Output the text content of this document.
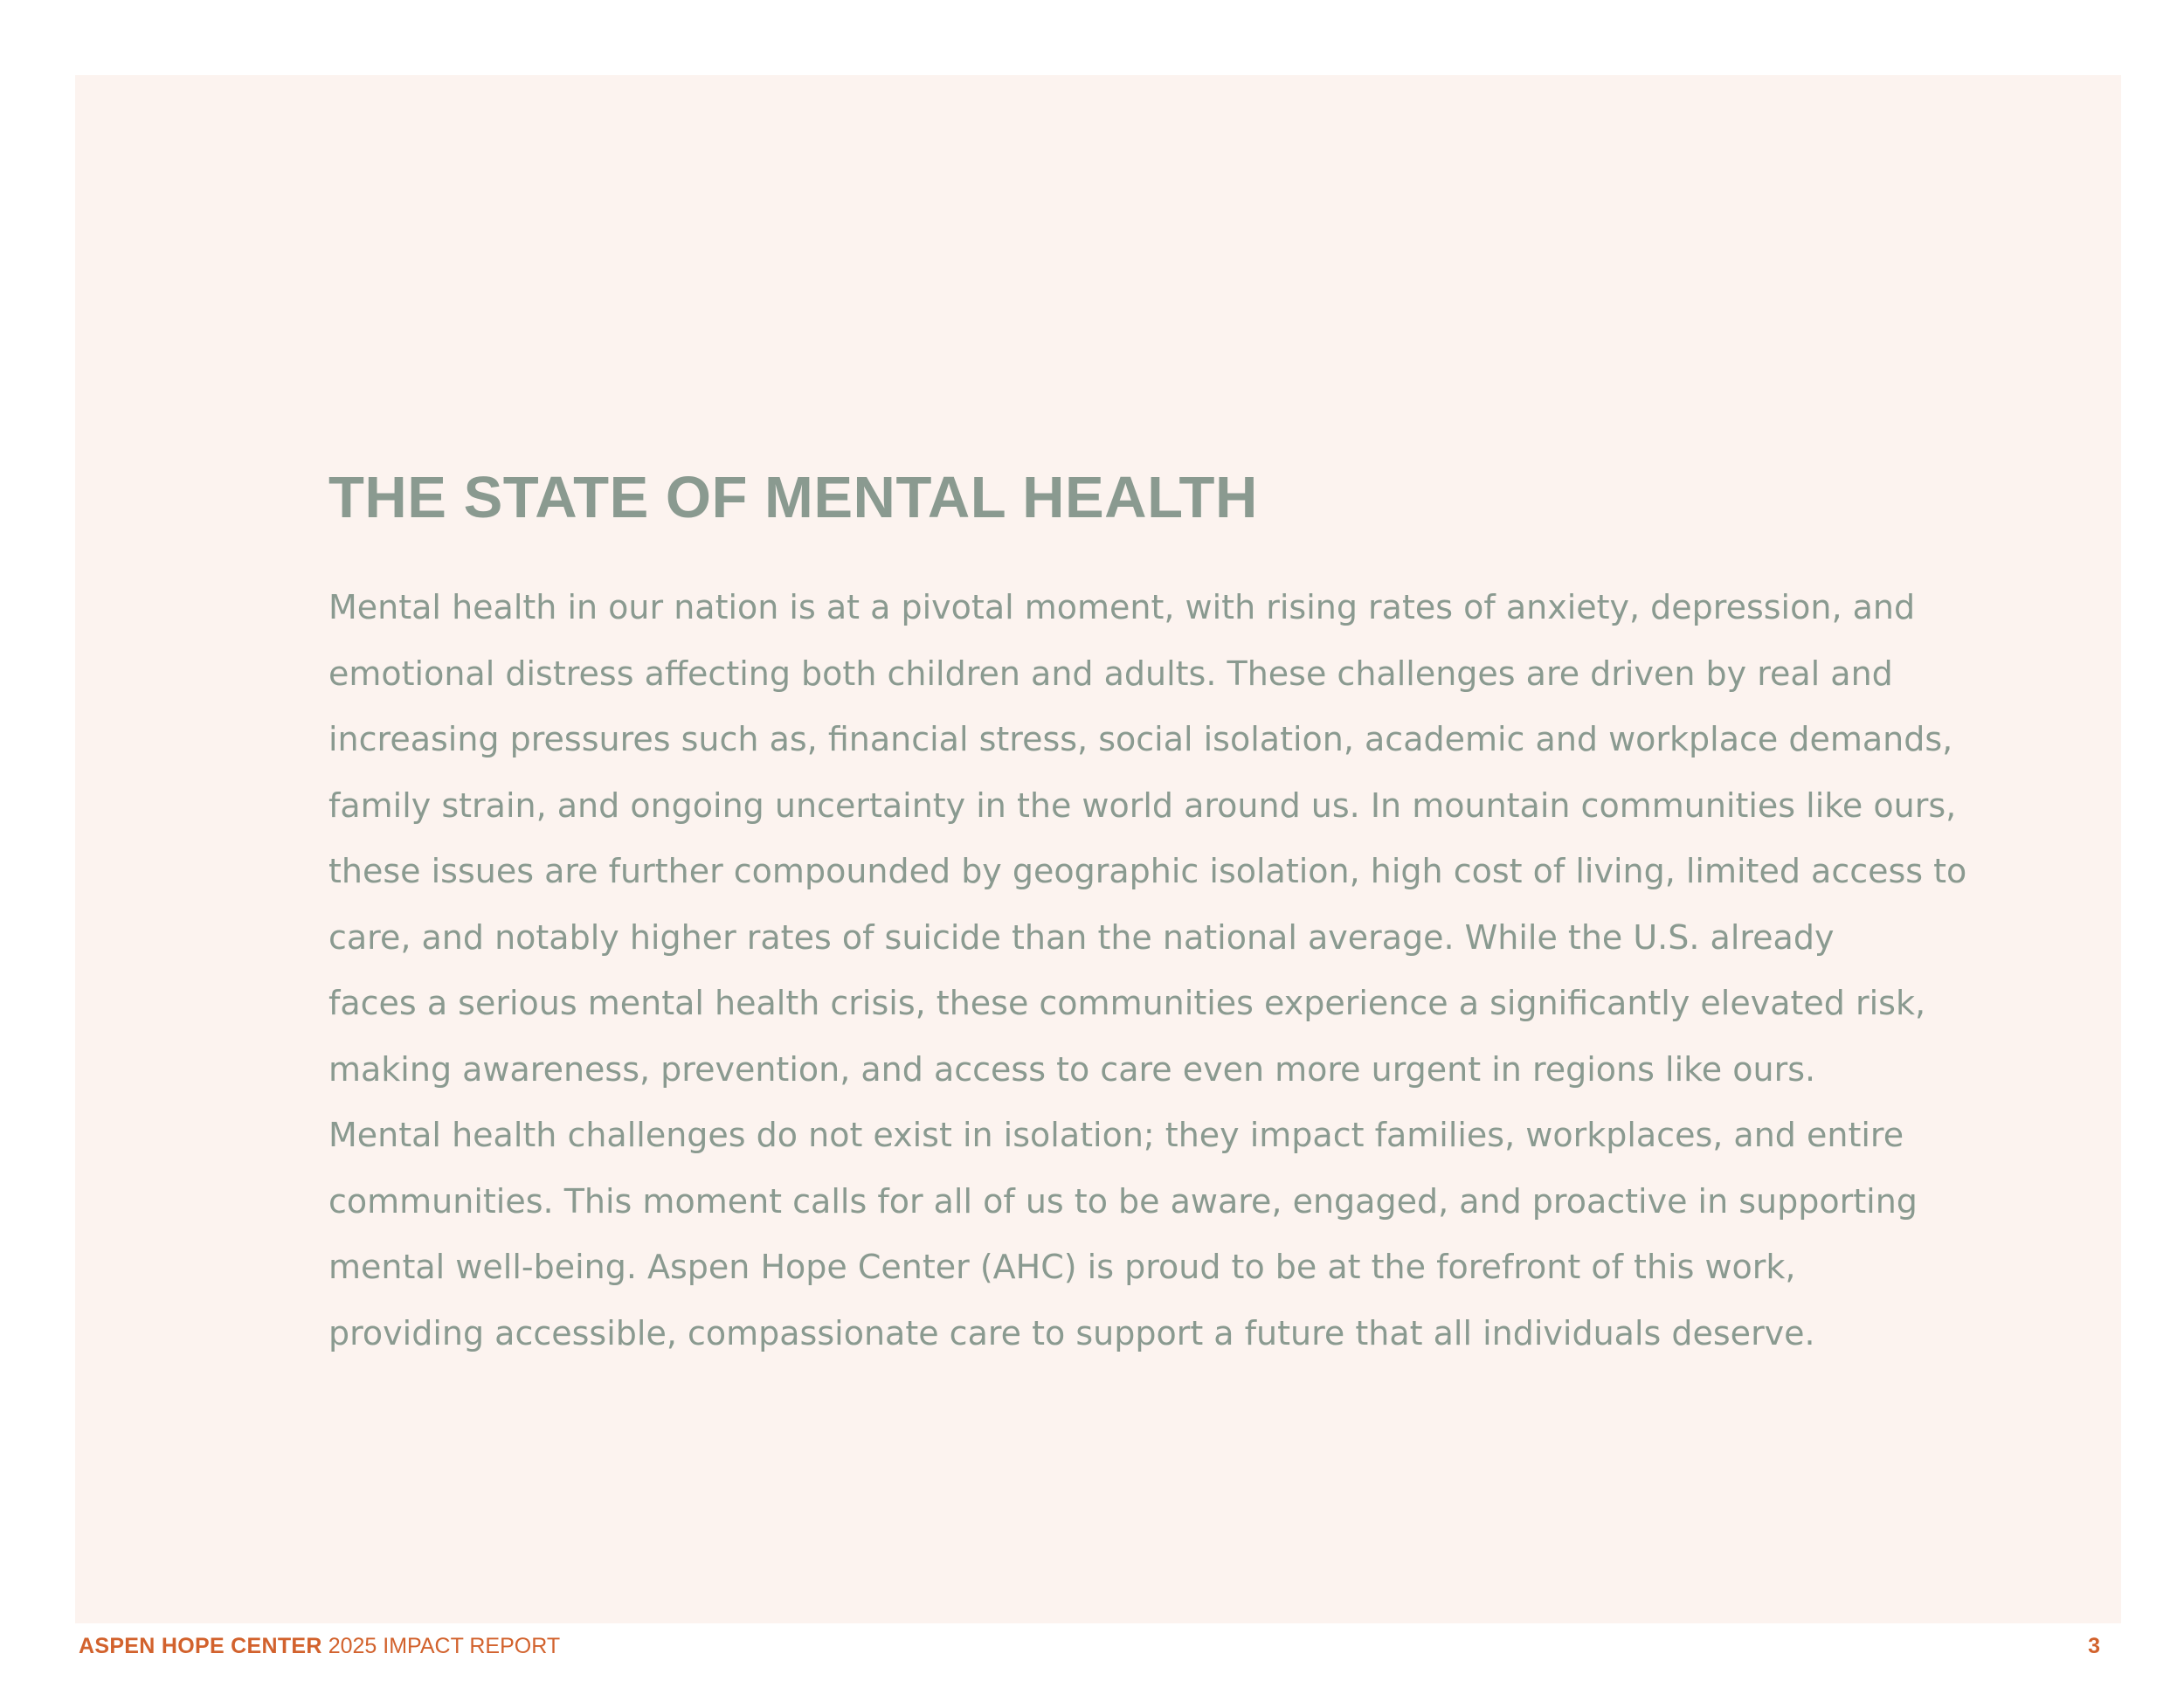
THE STATE OF MENTAL HEALTH

Mental health in our nation is at a pivotal moment, with rising rates of anxiety, depression, and
emotional distress affecting both children and adults. These challenges are driven by real and
increasing pressures such as, financial stress, social isolation, academic and workplace demands,
family strain, and ongoing uncertainty in the world around us. In mountain communities like ours,
these issues are further compounded by geographic isolation, high cost of living, limited access to
care, and notably higher rates of suicide than the national average. While the U.S. already
faces a serious mental health crisis, these communities experience a significantly elevated risk,
making awareness, prevention, and access to care even more urgent in regions like ours.
Mental health challenges do not exist in isolation; they impact families, workplaces, and entire
communities. This moment calls for all of us to be aware, engaged, and proactive in supporting
mental well-being. Aspen Hope Center (AHC) is proud to be at the forefront of this work,
providing accessible, compassionate care to support a future that all individuals deserve.

ASPEN HOPE CENTER 2025 IMPACT REPORT	3
